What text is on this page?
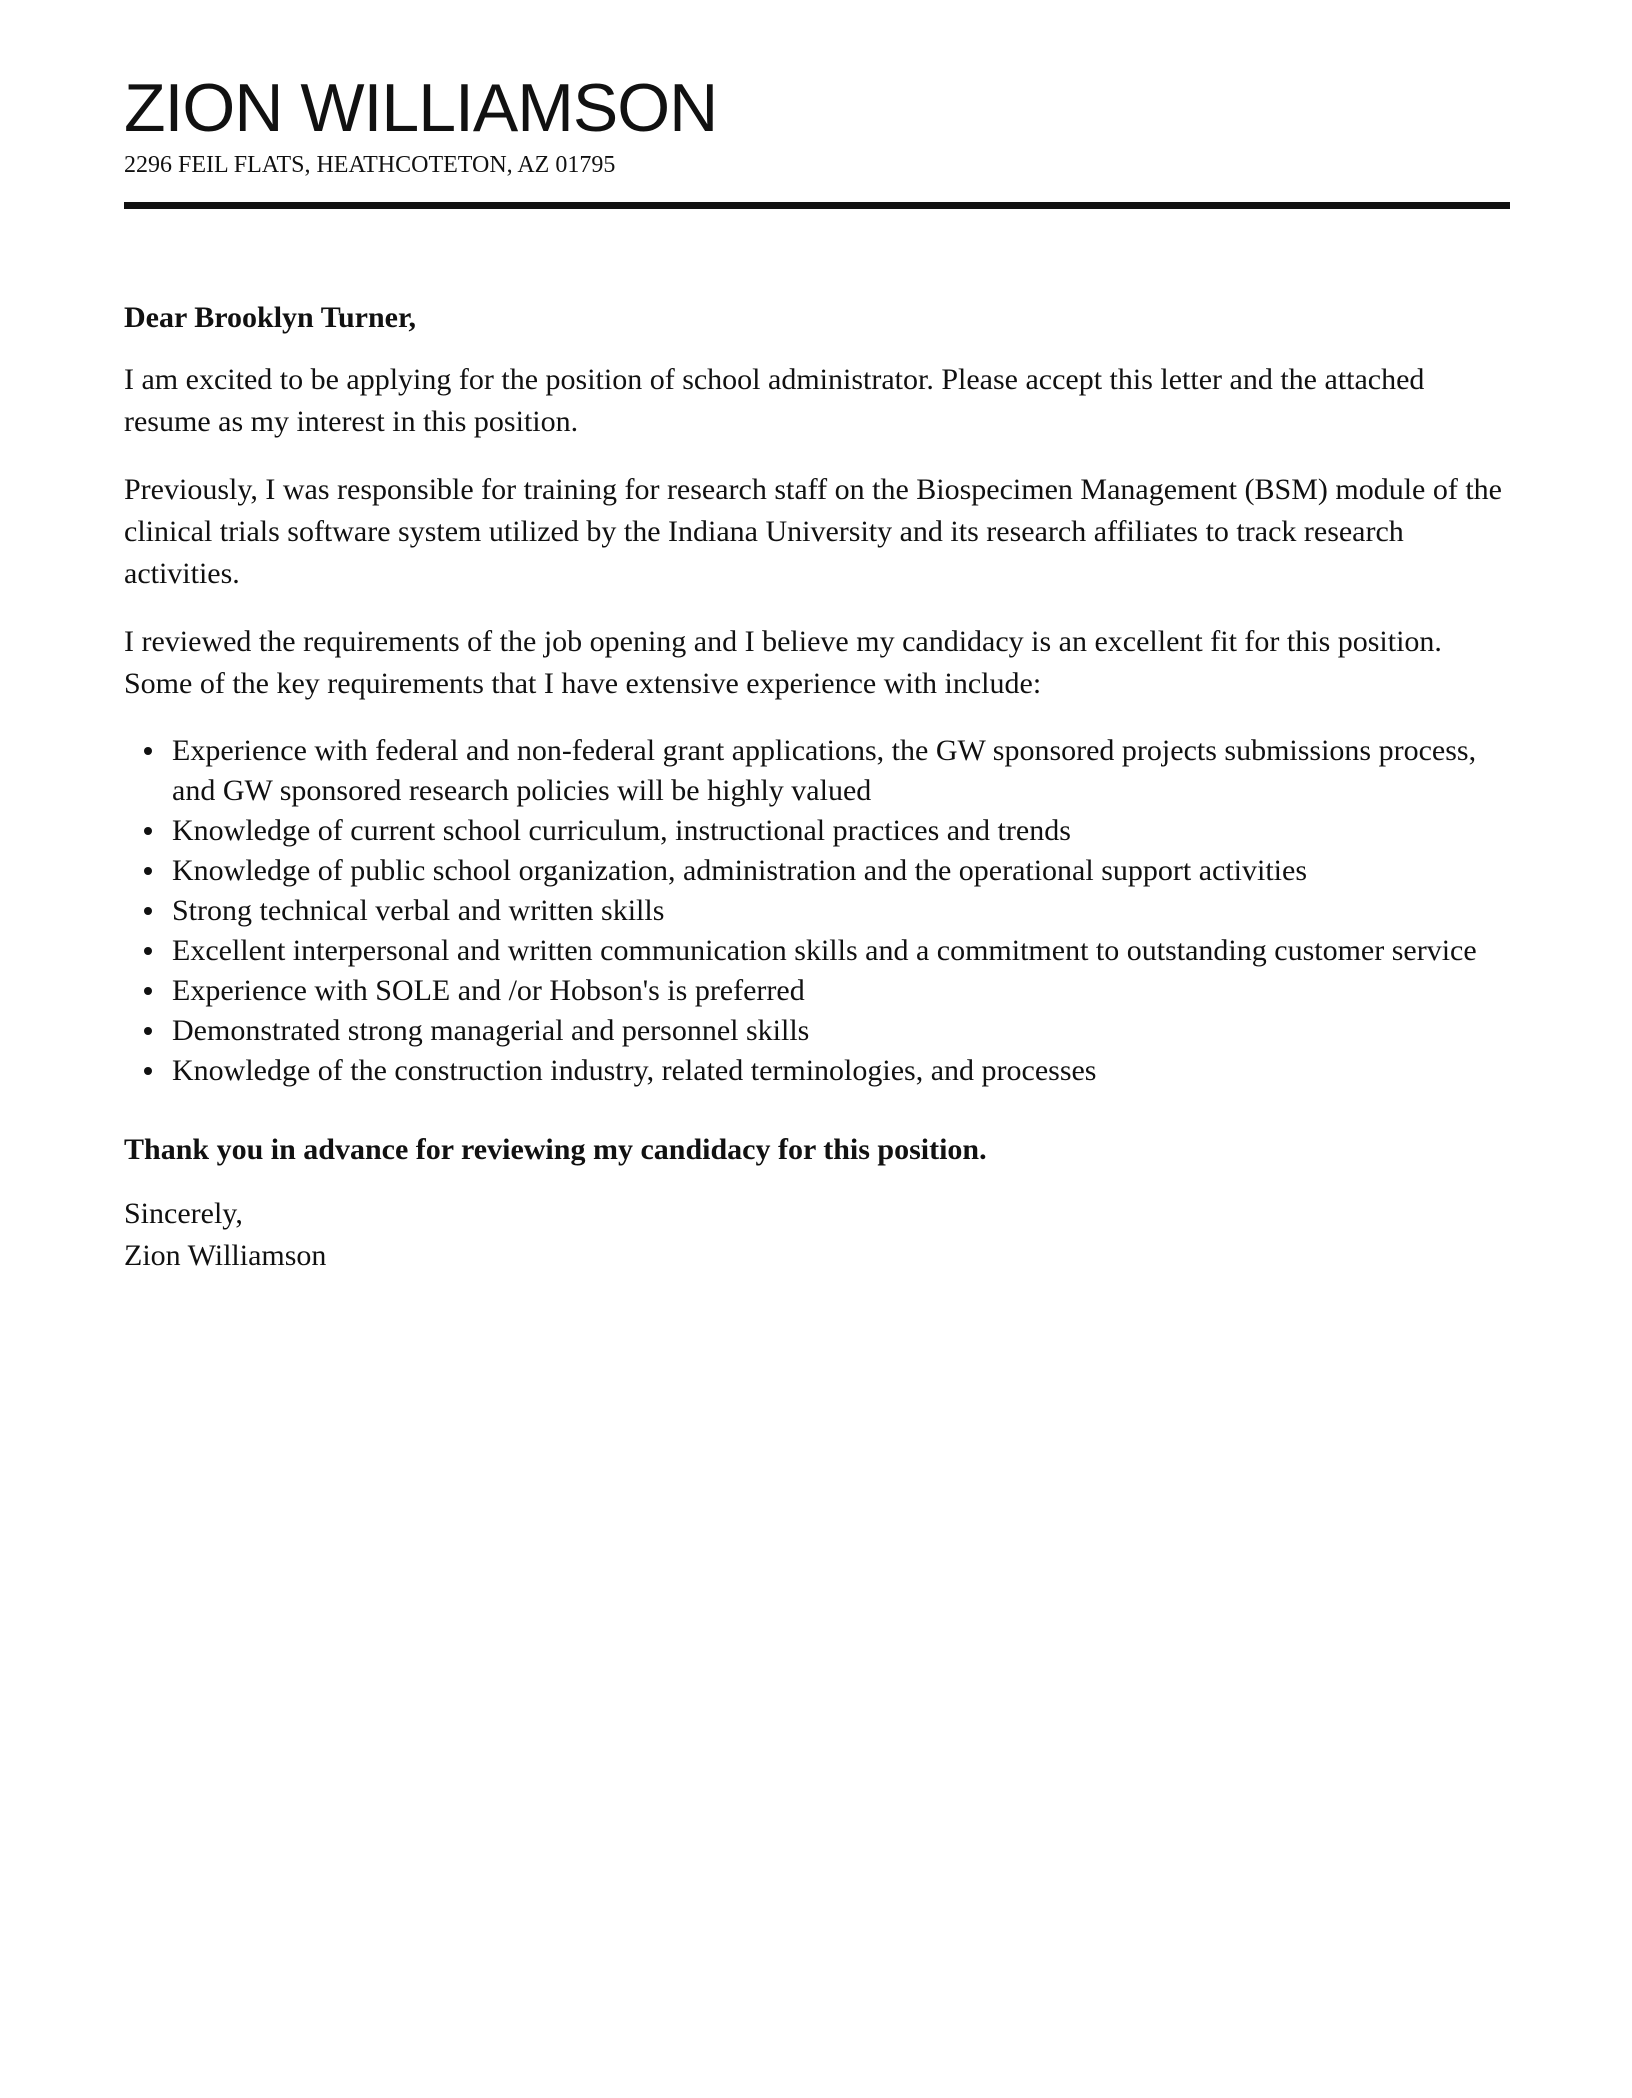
ZION WILLIAMSON
2296 FEIL FLATS, HEATHCOTETON, AZ 01795

Dear Brooklyn Turner,

I am excited to be applying for the position of school administrator. Please accept this letter and the attached resume as my interest in this position.

Previously, I was responsible for training for research staff on the Biospecimen Management (BSM) module of the clinical trials software system utilized by the Indiana University and its research affiliates to track research activities.

I reviewed the requirements of the job opening and I believe my candidacy is an excellent fit for this position. Some of the key requirements that I have extensive experience with include:

Experience with federal and non-federal grant applications, the GW sponsored projects submissions process, and GW sponsored research policies will be highly valued
Knowledge of current school curriculum, instructional practices and trends
Knowledge of public school organization, administration and the operational support activities
Strong technical verbal and written skills
Excellent interpersonal and written communication skills and a commitment to outstanding customer service
Experience with SOLE and /or Hobson's is preferred
Demonstrated strong managerial and personnel skills
Knowledge of the construction industry, related terminologies, and processes

Thank you in advance for reviewing my candidacy for this position.

Sincerely,

Zion Williamson
